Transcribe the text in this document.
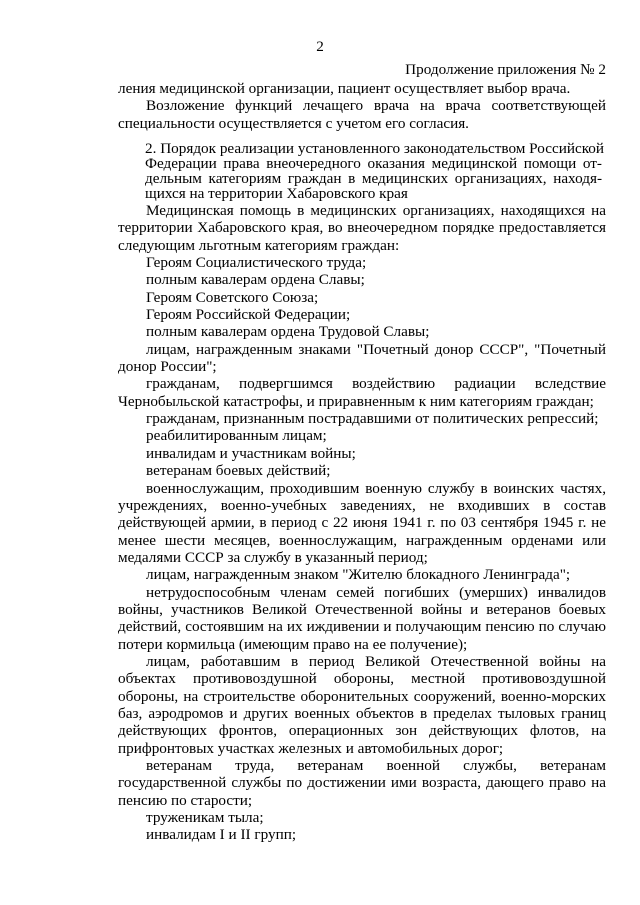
2
Продолжение приложения № 2

ления медицинской организации, пациент осуществляет выбор врача.

Возложение функций лечащего врача на врача соответствующей специальности осуществляется с учетом его согласия.

2. Порядок реализации установленного законодательством Российской
Федерации права внеочередного оказания медицинской помощи от-
дельным категориям граждан в медицинских организациях, находя-
щихся на территории Хабаровского края

Медицинская помощь в медицинских организациях, находящихся на территории Хабаровского края, во внеочередном порядке предоставляется следующим льготным категориям граждан:

Героям Социалистического труда;

полным кавалерам ордена Славы;

Героям Советского Союза;

Героям Российской Федерации;

полным кавалерам ордена Трудовой Славы;

лицам, награжденным знаками "Почетный донор СССР", "Почетный донор России";

гражданам, подвергшимся воздействию радиации вследствие Чернобыльской катастрофы, и приравненным к ним категориям граждан;

гражданам, признанным пострадавшими от политических репрессий;

реабилитированным лицам;

инвалидам и участникам войны;

ветеранам боевых действий;

военнослужащим, проходившим военную службу в воинских частях, учреждениях, военно-учебных заведениях, не входивших в состав действующей армии, в период с 22 июня 1941 г. по 03 сентября 1945 г. не менее шести месяцев, военнослужащим, награжденным орденами или медалями СССР за службу в указанный период;

лицам, награжденным знаком "Жителю блокадного Ленинграда";

нетрудоспособным членам семей погибших (умерших) инвалидов войны, участников Великой Отечественной войны и ветеранов боевых действий, состоявшим на их иждивении и получающим пенсию по случаю потери кормильца (имеющим право на ее получение);

лицам, работавшим в период Великой Отечественной войны на объектах противовоздушной обороны, местной противовоздушной обороны, на строительстве оборонительных сооружений, военно-морских баз, аэродромов и других военных объектов в пределах тыловых границ действующих фронтов, операционных зон действующих флотов, на прифронтовых участках железных и автомобильных дорог;

ветеранам труда, ветеранам военной службы, ветеранам государственной службы по достижении ими возраста, дающего право на пенсию по старости;

труженикам тыла;

инвалидам I и II групп;
